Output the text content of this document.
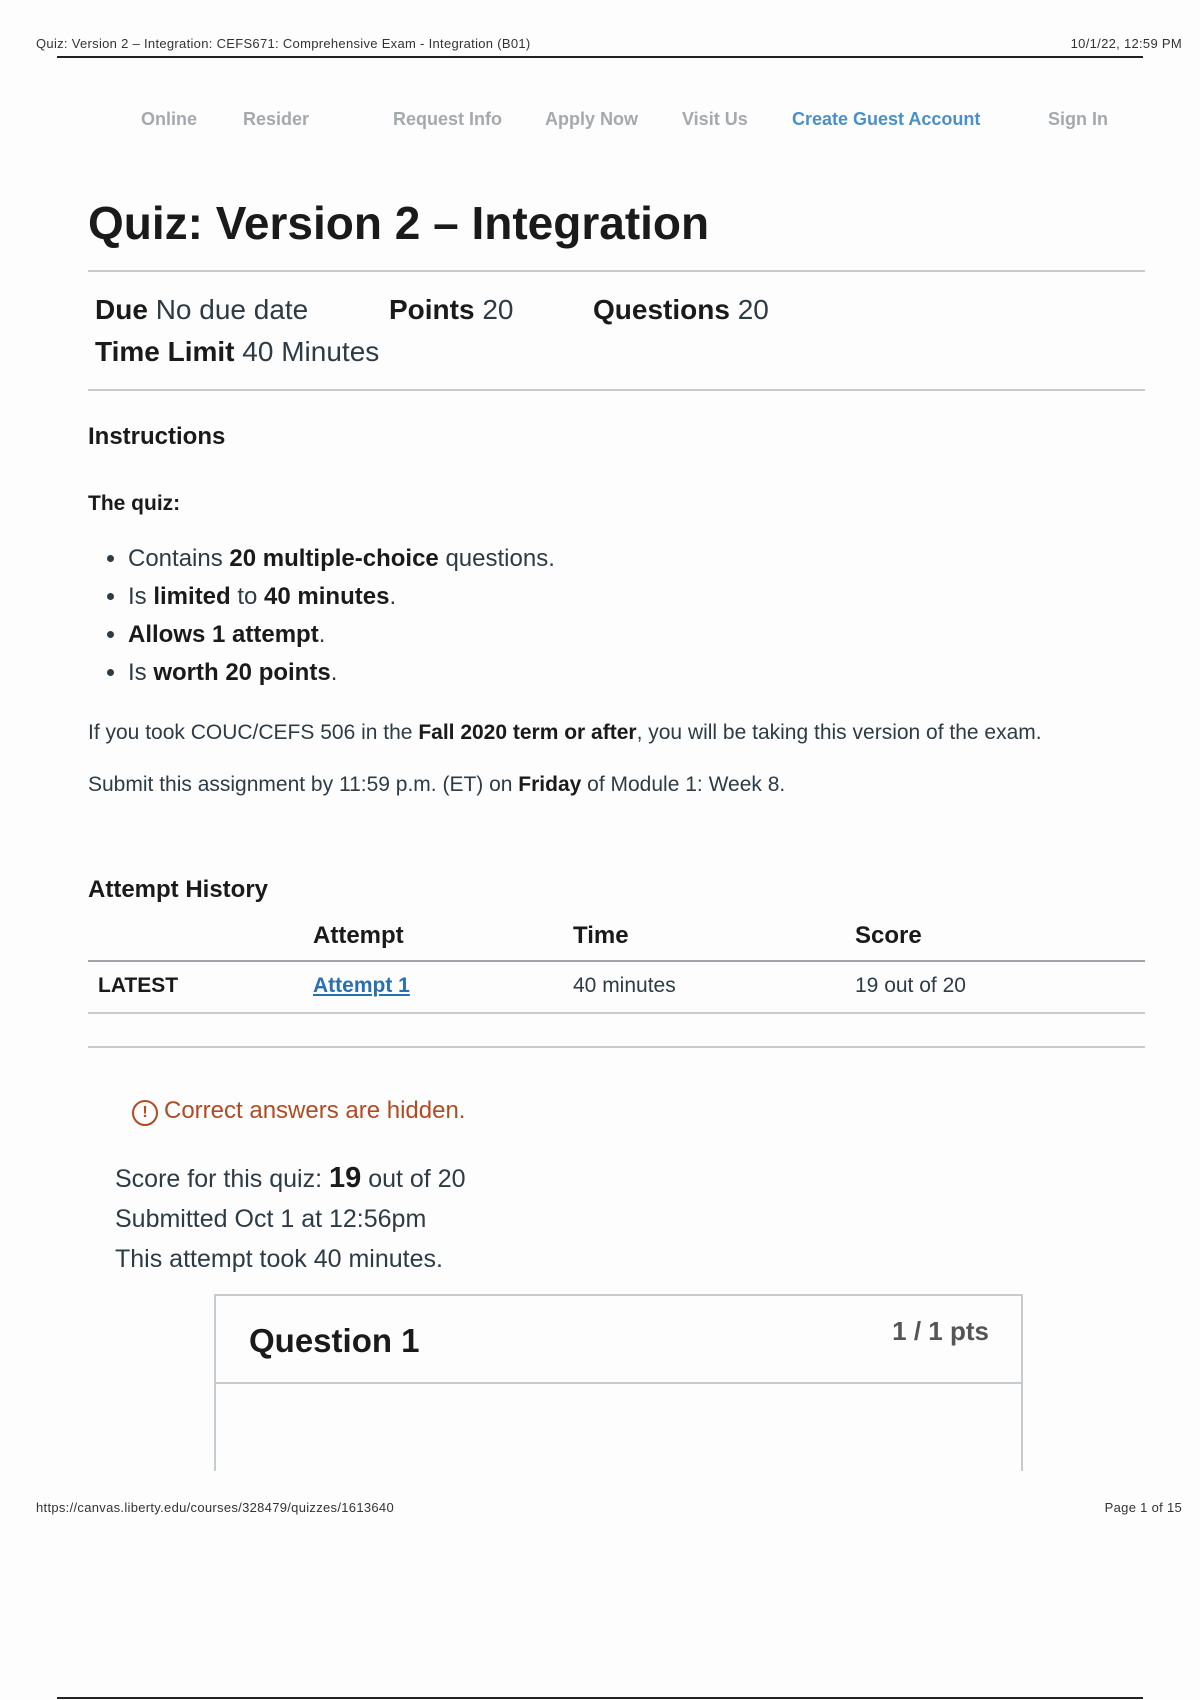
Quiz: Version 2 – Integration: CEFS671: Comprehensive Exam - Integration (B01)	10/1/22, 12:59 PM
Online	Resider	Request Info Apply Now Visit Us Create Guest Account	Sign In
Quiz: Version 2 – Integration
Due No due date	Points 20	Questions 20
Time Limit 40 Minutes
Instructions

The quiz:

• Contains 20 multiple-choice questions.
• Is limited to 40 minutes.
• Allows 1 attempt.
• Is worth 20 points.

If you took COUC/CEFS 506 in the Fall 2020 term or after, you will be taking this version of the exam.

Submit this assignment by 11:59 p.m. (ET) on Friday of Module 1: Week 8.

Attempt History
	Attempt	Time	Score
LATEST	Attempt 1	40 minutes	19 out of 20
! Correct answers are hidden.
Score for this quiz: 19 out of 20
Submitted Oct 1 at 12:56pm
This attempt took 40 minutes.
Question 1	1 / 1 pts
https://canvas.liberty.edu/courses/328479/quizzes/1613640	Page 1 of 15
